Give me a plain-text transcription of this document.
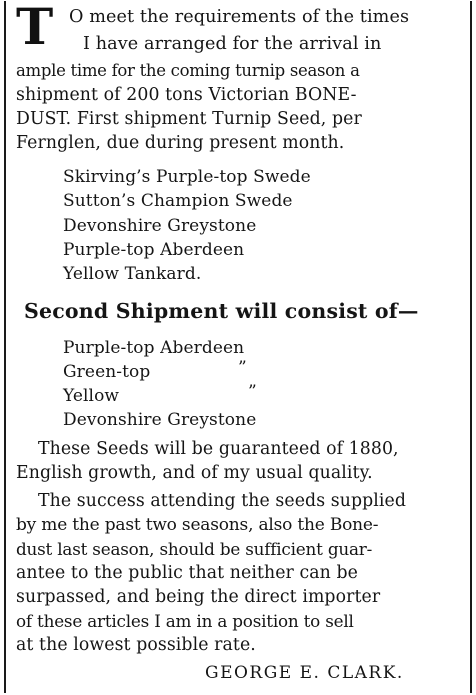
T O meet the requirements of the times
I have arranged for the arrival in
ample time for the coming turnip season a
shipment of 200 tons Victorian BONE-
DUST. First shipment Turnip Seed, per
Fernglen, due during present month.
Skirving’s Purple-top Swede
Sutton’s Champion Swede
Devonshire Greystone
Purple-top Aberdeen
Yellow Tankard.
Second Shipment will consist of—
Purple-top Aberdeen
Green-top	”
Yellow	”
Devonshire Greystone
These Seeds will be guaranteed of 1880,
English growth, and of my usual quality.
The success attending the seeds supplied
by me the past two seasons, also the Bone-
dust last season, should be sufficient guar-
antee to the public that neither can be
surpassed, and being the direct importer
of these articles I am in a position to sell
at the lowest possible rate.
GEORGE E. CLARK.
